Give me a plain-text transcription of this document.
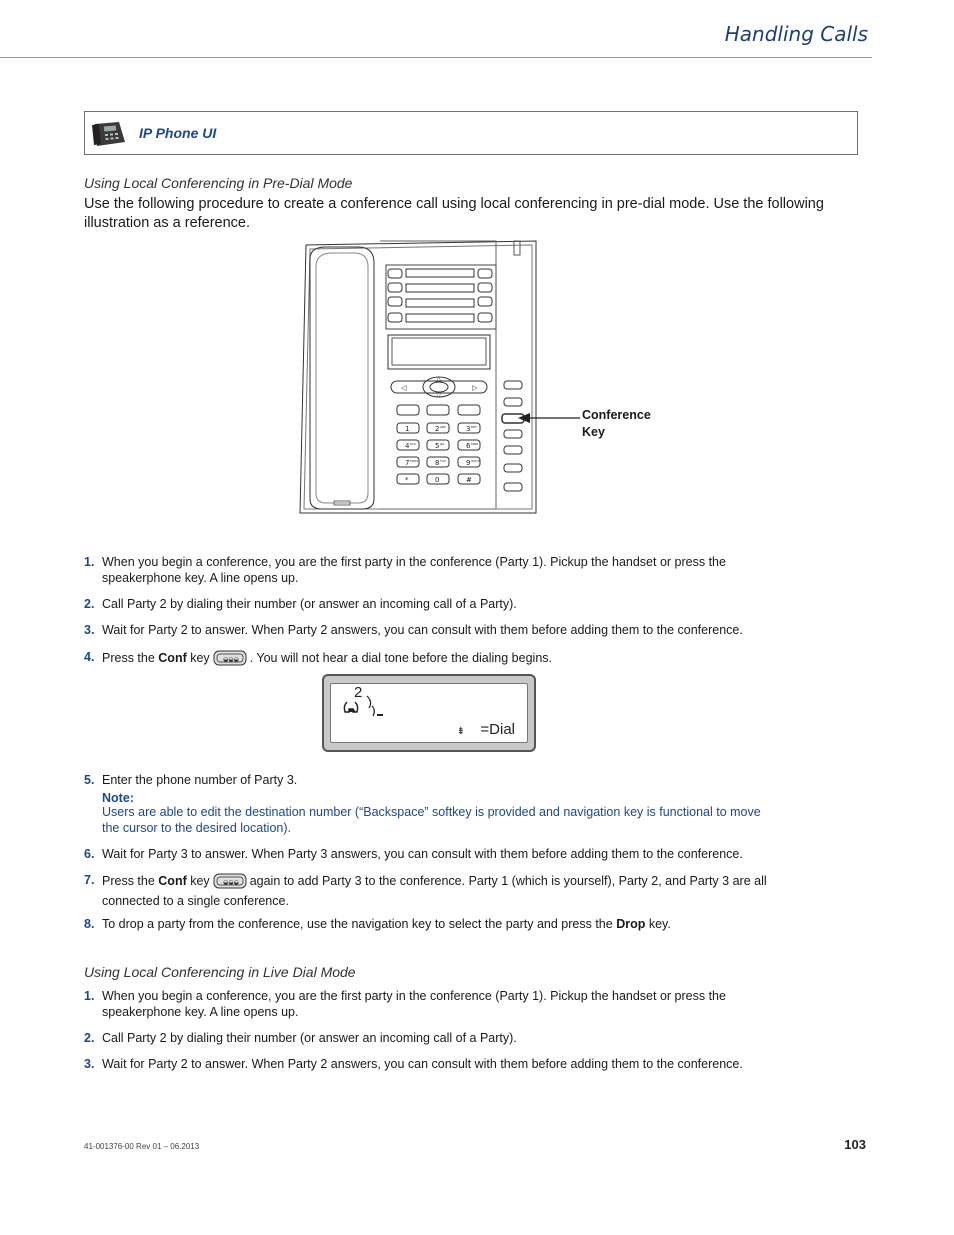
Handling Calls
IP Phone UI
Using Local Conferencing in Pre-Dial Mode
Use the following procedure to create a conference call using local conferencing in pre-dial mode. Use the following illustration as a reference.
◁	▷
△
▽
1	2 ABC	3 DEF
4 GHI	5 JKL	6 MNO
7 PQRS 8 TUV	9 WXYZ
*	0	#
Conference
Key
1. When you begin a conference, you are the first party in the conference (Party 1). Pickup the handset or press the speakerphone key. A line opens up.
2. Call Party 2 by dialing their number (or answer an incoming call of a Party).
3. Wait for Party 2 to answer. When Party 2 answers, you can consult with them before adding them to the conference.
4. Press the Conf key ◒◒◒ . You will not hear a dial tone before the dialing begins.
2
⇟ =Dial
5. Enter the phone number of Party 3.
Note:
Users are able to edit the destination number (“Backspace” softkey is provided and navigation key is functional to move the cursor to the desired location).
6. Wait for Party 3 to answer. When Party 3 answers, you can consult with them before adding them to the conference.
7. Press the Conf key ◒◒◒ again to add Party 3 to the conference. Party 1 (which is yourself), Party 2, and Party 3 are all connected to a single conference.
8. To drop a party from the conference, use the navigation key to select the party and press the Drop key.
Using Local Conferencing in Live Dial Mode
1. When you begin a conference, you are the first party in the conference (Party 1). Pickup the handset or press the speakerphone key. A line opens up.
2. Call Party 2 by dialing their number (or answer an incoming call of a Party).
3. Wait for Party 2 to answer. When Party 2 answers, you can consult with them before adding them to the conference.
41-001376-00 Rev 01 – 06.2013	103
